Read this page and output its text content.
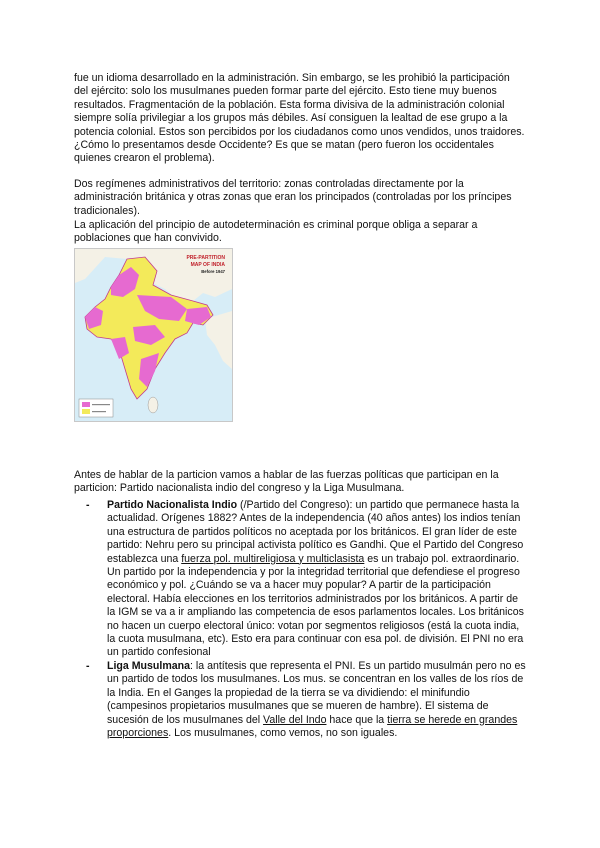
fue un idioma desarrollado en la administración. Sin embargo, se les prohibió la participación del ejército: solo los musulmanes pueden formar parte del ejército. Esto tiene muy buenos resultados. Fragmentación de la población. Esta forma divisiva de la administración colonial siempre solía privilegiar a los grupos más débiles. Así consiguen la lealtad de ese grupo a la potencia colonial. Estos son percibidos por los ciudadanos como unos vendidos, unos traidores. ¿Cómo lo presentamos desde Occidente? Es que se matan (pero fueron los occidentales quienes crearon el problema).

Dos regímenes administrativos del territorio: zonas controladas directamente por la administración británica y otras zonas que eran los principados (controladas por los príncipes tradicionales).

La aplicación del principio de autodeterminación es criminal porque obliga a separar a poblaciones que han convivido.

PRE-PARTITION
MAP OF INDIA
Before 1947

Antes de hablar de la particion vamos a hablar de las fuerzas políticas que participan en la particion: Partido nacionalista indio del congreso y la Liga Musulmana.

- Partido Nacionalista Indio (/Partido del Congreso): un partido que permanece hasta la actualidad. Orígenes 1882? Antes de la independencia (40 años antes) los indios tenían una estructura de partidos políticos no aceptada por los británicos. El gran líder de este partido: Nehru pero su principal activista político es Gandhi. Que el Partido del Congreso establezca una fuerza pol. multireligiosa y multiclasista es un trabajo pol. extraordinario. Un partido por la independencia y por la integridad territorial que defendiese el progreso económico y pol. ¿Cuándo se va a hacer muy popular? A partir de la participación electoral. Había elecciones en los territorios administrados por los británicos. A partir de la IGM se va a ir ampliando las competencia de esos parlamentos locales. Los británicos no hacen un cuerpo electoral único: votan por segmentos religiosos (está la cuota india, la cuota musulmana, etc). Esto era para continuar con esa pol. de división. El PNI no era un partido confesional
- Liga Musulmana: la antítesis que representa el PNI. Es un partido musulmán pero no es un partido de todos los musulmanes. Los mus. se concentran en los valles de los ríos de la India. En el Ganges la propiedad de la tierra se va dividiendo: el minifundio (campesinos propietarios musulmanes que se mueren de hambre). El sistema de sucesión de los musulmanes del Valle del Indo hace que la tierra se herede en grandes proporciones. Los musulmanes, como vemos, no son iguales.
